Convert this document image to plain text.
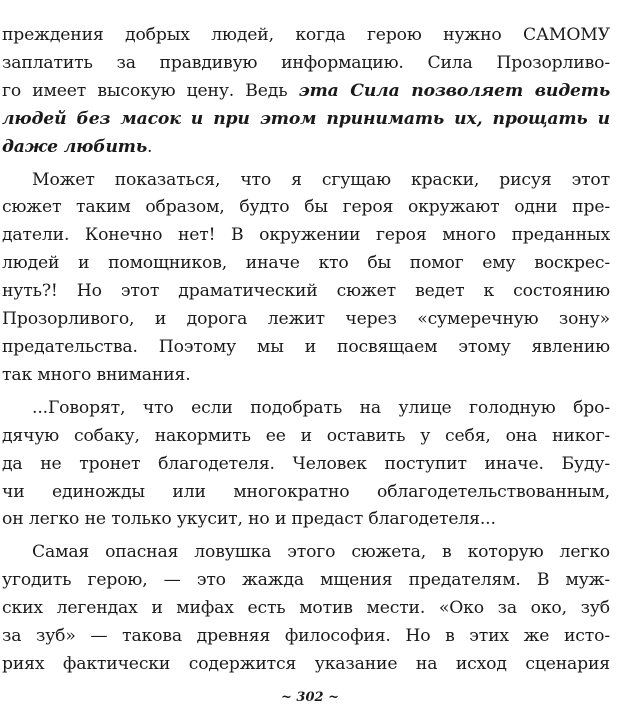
преждения добрых людей, когда герою нужно САМОМУ
заплатить за правдивую информацию. Сила Прозорливо-
го имеет высокую цену. Ведь эта Сила позволяет видеть
людей без масок и при этом принимать их, прощать и
даже любить.

Может показаться, что я сгущаю краски, рисуя этот
сюжет таким образом, будто бы героя окружают одни пре-
датели. Конечно нет! В окружении героя много преданных
людей и помощников, иначе кто бы помог ему воскрес-
нуть?! Но этот драматический сюжет ведет к состоянию
Прозорливого, и дорога лежит через «сумеречную зону»
предательства. Поэтому мы и посвящаем этому явлению
так много внимания.

...Говорят, что если подобрать на улице голодную бро-
дячую собаку, накормить ее и оставить у себя, она никог-
да не тронет благодетеля. Человек поступит иначе. Буду-
чи единожды или многократно облагодетельствованным,
он легко не только укусит, но и предаст благодетеля...

Самая опасная ловушка этого сюжета, в которую легко
угодить герою, — это жажда мщения предателям. В муж-
ских легендах и мифах есть мотив мести. «Око за око, зуб
за зуб» — такова древняя философия. Но в этих же исто-
риях фактически содержится указание на исход сценария

~ 302 ~
